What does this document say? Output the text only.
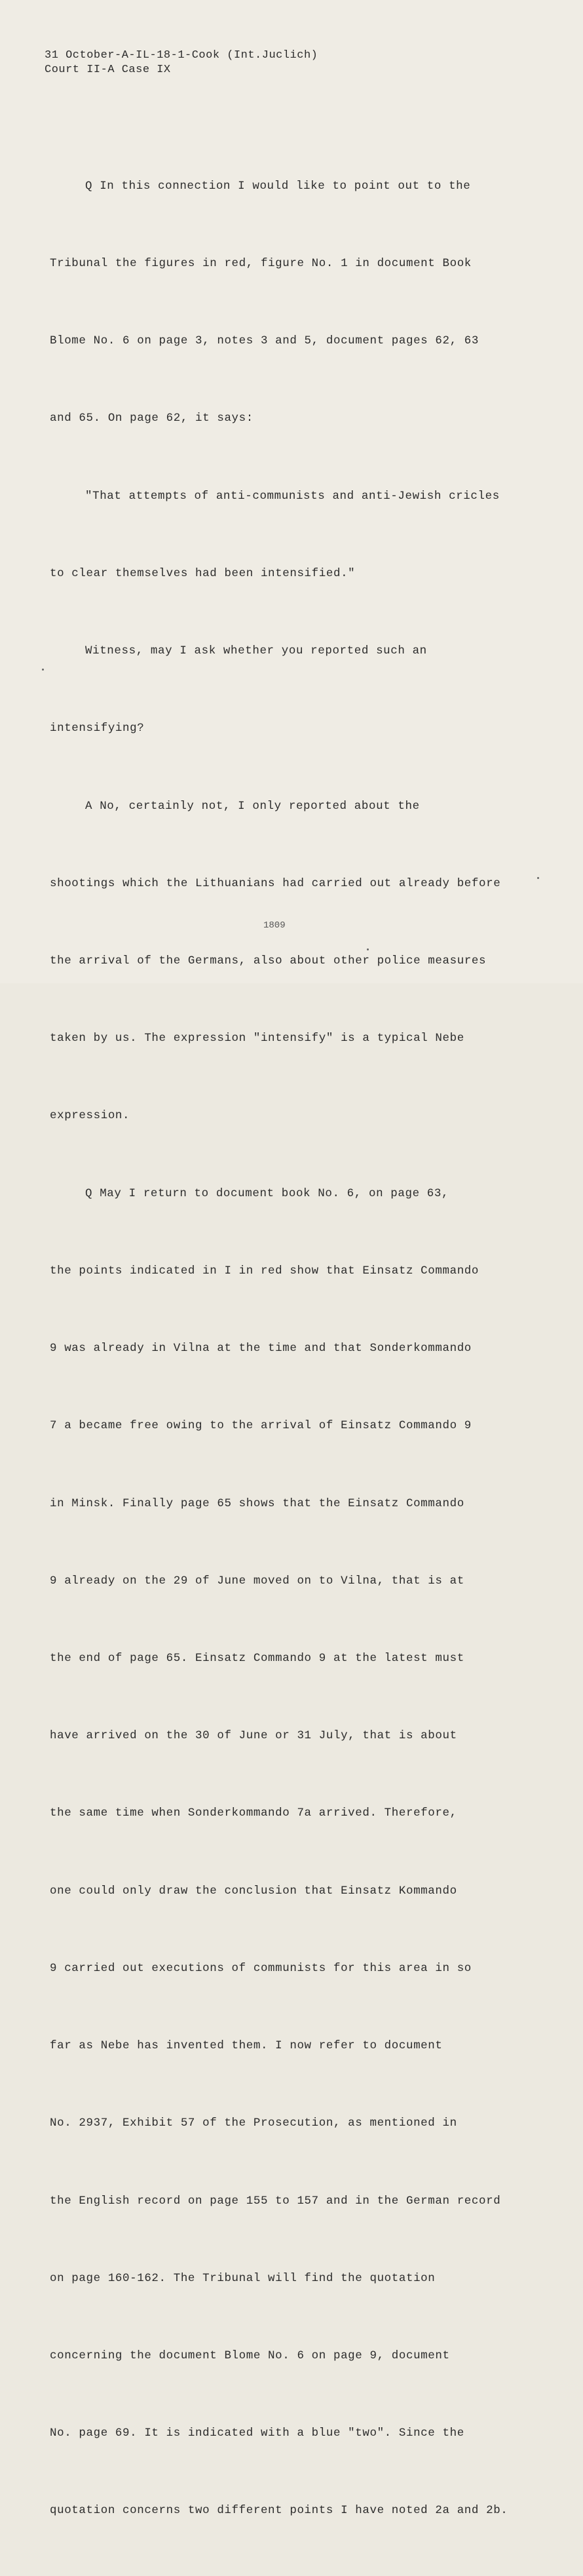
31 October-A-IL-18-1-Cook (Int.Juclich)
Court II-A Case IX

Q In this connection I would like to point out to the

Tribunal the figures in red, figure No. 1 in document Book

Blome No. 6 on page 3, notes 3 and 5, document pages 62, 63

and 65. On page 62, it says:

"That attempts of anti-communists and anti-Jewish cricles

to clear themselves had been intensified."

Witness, may I ask whether you reported such an

intensifying?

A No, certainly not, I only reported about the

shootings which the Lithuanians had carried out already before

the arrival of the Germans, also about other police measures

taken by us. The expression "intensify" is a typical Nebe

expression.

Q May I return to document book No. 6, on page 63,

the points indicated in I in red show that Einsatz Commando

9 was already in Vilna at the time and that Sonderkommando

7 a became free owing to the arrival of Einsatz Commando 9

in Minsk. Finally page 65 shows that the Einsatz Commando

9 already on the 29 of June moved on to Vilna, that is at

the end of page 65. Einsatz Commando 9 at the latest must

have arrived on the 30 of June or 31 July, that is about

the same time when Sonderkommando 7a arrived. Therefore,

one could only draw the conclusion that Einsatz Kommando

9 carried out executions of communists for this area in so

far as Nebe has invented them. I now refer to document

No. 2937, Exhibit 57 of the Prosecution, as mentioned in

the English record on page 155 to 157 and in the German record

on page 160-162. The Tribunal will find the quotation

concerning the document Blome No. 6 on page 9, document

No. page 69. It is indicated with a blue "two". Since the

quotation concerns two different points I have noted 2a and 2b.

1809
